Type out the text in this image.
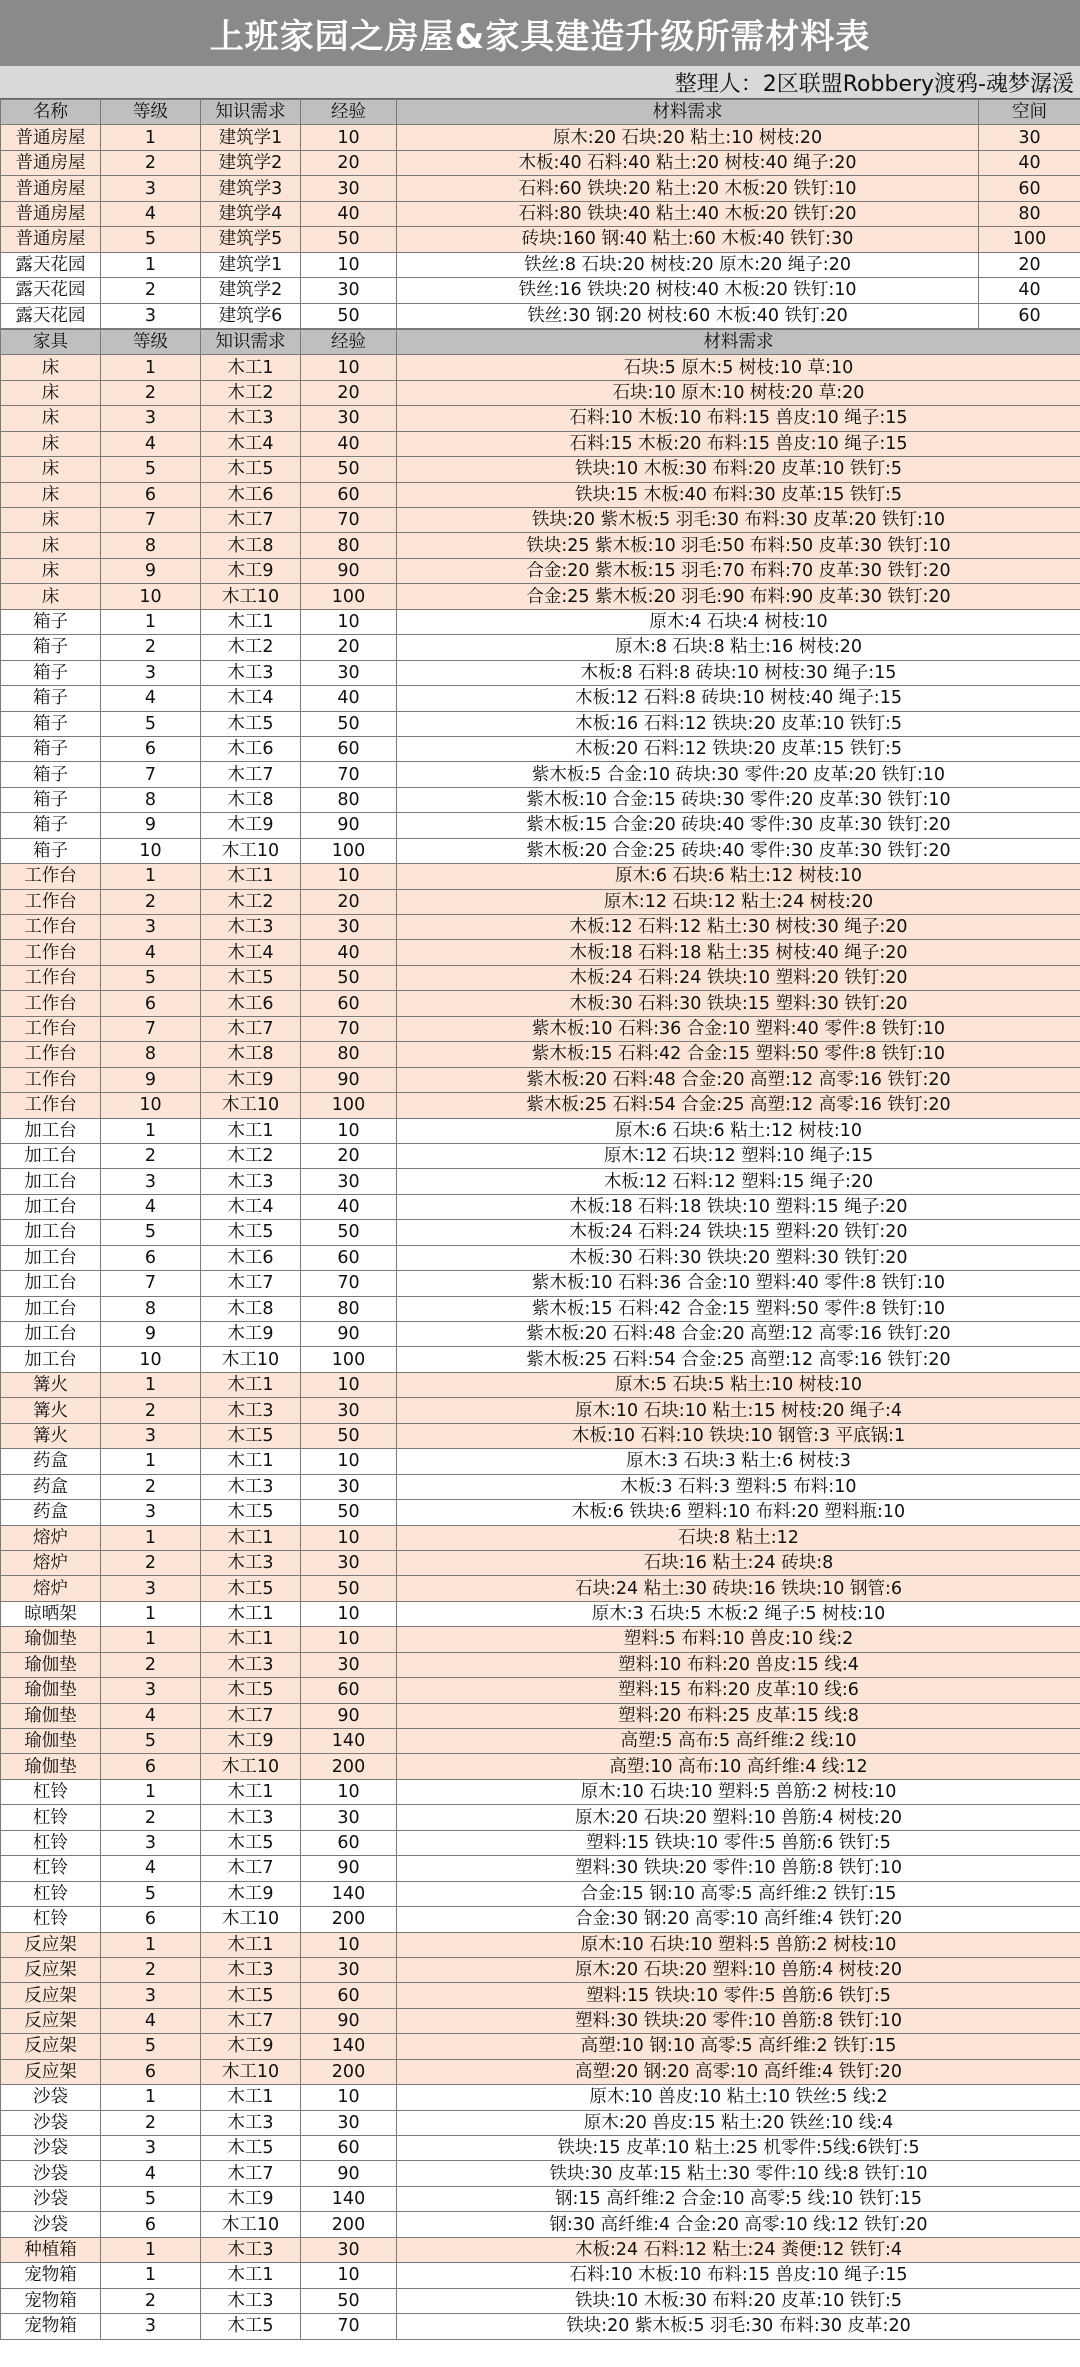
上班家园之房屋&家具建造升级所需材料表
整理人：2区联盟Robbery渡鸦-魂梦潺湲
名称	等级	知识需求	经验	材料需求	空间
普通房屋	1	建筑学1	10	原木:20 石块:20 粘土:10 树枝:20	30
普通房屋	2	建筑学2	20	木板:40 石料:40 粘土:20 树枝:40 绳子:20	40
普通房屋	3	建筑学3	30	石料:60 铁块:20 粘土:20 木板:20 铁钉:10	60
普通房屋	4	建筑学4	40	石料:80 铁块:40 粘土:40 木板:20 铁钉:20	80
普通房屋	5	建筑学5	50	砖块:160 钢:40 粘土:60 木板:40 铁钉:30	100
露天花园	1	建筑学1	10	铁丝:8 石块:20 树枝:20 原木:20 绳子:20	20
露天花园	2	建筑学2	30	铁丝:16 铁块:20 树枝:40 木板:20 铁钉:10	40
露天花园	3	建筑学6	50	铁丝:30 钢:20 树枝:60 木板:40 铁钉:20	60
家具	等级	知识需求	经验	材料需求
床	1	木工1	10	石块:5 原木:5 树枝:10 草:10
床	2	木工2	20	石块:10 原木:10 树枝:20 草:20
床	3	木工3	30	石料:10 木板:10 布料:15 兽皮:10 绳子:15
床	4	木工4	40	石料:15 木板:20 布料:15 兽皮:10 绳子:15
床	5	木工5	50	铁块:10 木板:30 布料:20 皮革:10 铁钉:5
床	6	木工6	60	铁块:15 木板:40 布料:30 皮革:15 铁钉:5
床	7	木工7	70	铁块:20 紫木板:5 羽毛:30 布料:30 皮革:20 铁钉:10
床	8	木工8	80	铁块:25 紫木板:10 羽毛:50 布料:50 皮革:30 铁钉:10
床	9	木工9	90	合金:20 紫木板:15 羽毛:70 布料:70 皮革:30 铁钉:20
床	10	木工10	100	合金:25 紫木板:20 羽毛:90 布料:90 皮革:30 铁钉:20
箱子	1	木工1	10	原木:4 石块:4 树枝:10
箱子	2	木工2	20	原木:8 石块:8 粘土:16 树枝:20
箱子	3	木工3	30	木板:8 石料:8 砖块:10 树枝:30 绳子:15
箱子	4	木工4	40	木板:12 石料:8 砖块:10 树枝:40 绳子:15
箱子	5	木工5	50	木板:16 石料:12 铁块:20 皮革:10 铁钉:5
箱子	6	木工6	60	木板:20 石料:12 铁块:20 皮革:15 铁钉:5
箱子	7	木工7	70	紫木板:5 合金:10 砖块:30 零件:20 皮革:20 铁钉:10
箱子	8	木工8	80	紫木板:10 合金:15 砖块:30 零件:20 皮革:30 铁钉:10
箱子	9	木工9	90	紫木板:15 合金:20 砖块:40 零件:30 皮革:30 铁钉:20
箱子	10	木工10	100	紫木板:20 合金:25 砖块:40 零件:30 皮革:30 铁钉:20
工作台	1	木工1	10	原木:6 石块:6 粘土:12 树枝:10
工作台	2	木工2	20	原木:12 石块:12 粘土:24 树枝:20
工作台	3	木工3	30	木板:12 石料:12 粘土:30 树枝:30 绳子:20
工作台	4	木工4	40	木板:18 石料:18 粘土:35 树枝:40 绳子:20
工作台	5	木工5	50	木板:24 石料:24 铁块:10 塑料:20 铁钉:20
工作台	6	木工6	60	木板:30 石料:30 铁块:15 塑料:30 铁钉:20
工作台	7	木工7	70	紫木板:10 石料:36 合金:10 塑料:40 零件:8 铁钉:10
工作台	8	木工8	80	紫木板:15 石料:42 合金:15 塑料:50 零件:8 铁钉:10
工作台	9	木工9	90	紫木板:20 石料:48 合金:20 高塑:12 高零:16 铁钉:20
工作台	10	木工10	100	紫木板:25 石料:54 合金:25 高塑:12 高零:16 铁钉:20
加工台	1	木工1	10	原木:6 石块:6 粘土:12 树枝:10
加工台	2	木工2	20	原木:12 石块:12 塑料:10 绳子:15
加工台	3	木工3	30	木板:12 石料:12 塑料:15 绳子:20
加工台	4	木工4	40	木板:18 石料:18 铁块:10 塑料:15 绳子:20
加工台	5	木工5	50	木板:24 石料:24 铁块:15 塑料:20 铁钉:20
加工台	6	木工6	60	木板:30 石料:30 铁块:20 塑料:30 铁钉:20
加工台	7	木工7	70	紫木板:10 石料:36 合金:10 塑料:40 零件:8 铁钉:10
加工台	8	木工8	80	紫木板:15 石料:42 合金:15 塑料:50 零件:8 铁钉:10
加工台	9	木工9	90	紫木板:20 石料:48 合金:20 高塑:12 高零:16 铁钉:20
加工台	10	木工10	100	紫木板:25 石料:54 合金:25 高塑:12 高零:16 铁钉:20
篝火	1	木工1	10	原木:5 石块:5 粘土:10 树枝:10
篝火	2	木工3	30	原木:10 石块:10 粘土:15 树枝:20 绳子:4
篝火	3	木工5	50	木板:10 石料:10 铁块:10 钢管:3 平底锅:1
药盒	1	木工1	10	原木:3 石块:3 粘土:6 树枝:3
药盒	2	木工3	30	木板:3 石料:3 塑料:5 布料:10
药盒	3	木工5	50	木板:6 铁块:6 塑料:10 布料:20 塑料瓶:10
熔炉	1	木工1	10	石块:8 粘土:12
熔炉	2	木工3	30	石块:16 粘土:24 砖块:8
熔炉	3	木工5	50	石块:24 粘土:30 砖块:16 铁块:10 钢管:6
晾晒架	1	木工1	10	原木:3 石块:5 木板:2 绳子:5 树枝:10
瑜伽垫	1	木工1	10	塑料:5 布料:10 兽皮:10 线:2
瑜伽垫	2	木工3	30	塑料:10 布料:20 兽皮:15 线:4
瑜伽垫	3	木工5	60	塑料:15 布料:20 皮革:10 线:6
瑜伽垫	4	木工7	90	塑料:20 布料:25 皮革:15 线:8
瑜伽垫	5	木工9	140	高塑:5 高布:5 高纤维:2 线:10
瑜伽垫	6	木工10	200	高塑:10 高布:10 高纤维:4 线:12
杠铃	1	木工1	10	原木:10 石块:10 塑料:5 兽筋:2 树枝:10
杠铃	2	木工3	30	原木:20 石块:20 塑料:10 兽筋:4 树枝:20
杠铃	3	木工5	60	塑料:15 铁块:10 零件:5 兽筋:6 铁钉:5
杠铃	4	木工7	90	塑料:30 铁块:20 零件:10 兽筋:8 铁钉:10
杠铃	5	木工9	140	合金:15 钢:10 高零:5 高纤维:2 铁钉:15
杠铃	6	木工10	200	合金:30 钢:20 高零:10 高纤维:4 铁钉:20
反应架	1	木工1	10	原木:10 石块:10 塑料:5 兽筋:2 树枝:10
反应架	2	木工3	30	原木:20 石块:20 塑料:10 兽筋:4 树枝:20
反应架	3	木工5	60	塑料:15 铁块:10 零件:5 兽筋:6 铁钉:5
反应架	4	木工7	90	塑料:30 铁块:20 零件:10 兽筋:8 铁钉:10
反应架	5	木工9	140	高塑:10 钢:10 高零:5 高纤维:2 铁钉:15
反应架	6	木工10	200	高塑:20 钢:20 高零:10 高纤维:4 铁钉:20
沙袋	1	木工1	10	原木:10 兽皮:10 粘土:10 铁丝:5 线:2
沙袋	2	木工3	30	原木:20 兽皮:15 粘土:20 铁丝:10 线:4
沙袋	3	木工5	60	铁块:15 皮革:10 粘土:25 机零件:5线:6铁钉:5
沙袋	4	木工7	90	铁块:30 皮革:15 粘土:30 零件:10 线:8 铁钉:10
沙袋	5	木工9	140	钢:15 高纤维:2 合金:10 高零:5 线:10 铁钉:15
沙袋	6	木工10	200	钢:30 高纤维:4 合金:20 高零:10 线:12 铁钉:20
种植箱	1	木工3	30	木板:24 石料:12 粘土:24 粪便:12 铁钉:4
宠物箱	1	木工1	10	石料:10 木板:10 布料:15 兽皮:10 绳子:15
宠物箱	2	木工3	50	铁块:10 木板:30 布料:20 皮革:10 铁钉:5
宠物箱	3	木工5	70	铁块:20 紫木板:5 羽毛:30 布料:30 皮革:20
